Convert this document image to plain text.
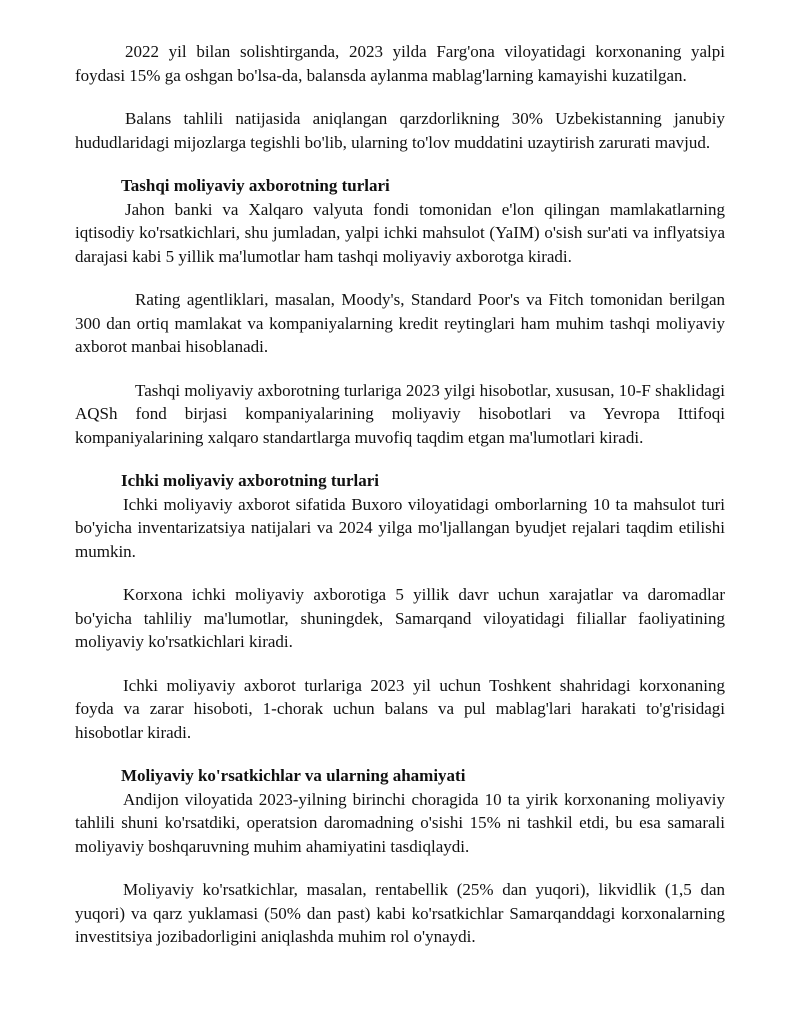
2022 yil bilan solishtirganda, 2023 yilda Farg'ona viloyatidagi korxonaning yalpi foydasi 15% ga oshgan bo'lsa-da, balansda aylanma mablag'larning kamayishi kuzatilgan.

Balans tahlili natijasida aniqlangan qarzdorlikning 30% Uzbekistanning janubiy hududlaridagi mijozlarga tegishli bo'lib, ularning to'lov muddatini uzaytirish zarurati mavjud.

Tashqi moliyaviy axborotning turlari

Jahon banki va Xalqaro valyuta fondi tomonidan e'lon qilingan mamlakatlarning iqtisodiy ko'rsatkichlari, shu jumladan, yalpi ichki mahsulot (YaIM) o'sish sur'ati va inflyatsiya darajasi kabi 5 yillik ma'lumotlar ham tashqi moliyaviy axborotga kiradi.

Rating agentliklari, masalan, Moody's, Standard Poor's va Fitch tomonidan berilgan 300 dan ortiq mamlakat va kompaniyalarning kredit reytinglari ham muhim tashqi moliyaviy axborot manbai hisoblanadi.

Tashqi moliyaviy axborotning turlariga 2023 yilgi hisobotlar, xususan, 10-F shaklidagi AQSh fond birjasi kompaniyalarining moliyaviy hisobotlari va Yevropa Ittifoqi kompaniyalarining xalqaro standartlarga muvofiq taqdim etgan ma'lumotlari kiradi.

Ichki moliyaviy axborotning turlari

Ichki moliyaviy axborot sifatida Buxoro viloyatidagi omborlarning 10 ta mahsulot turi bo'yicha inventarizatsiya natijalari va 2024 yilga mo'ljallangan byudjet rejalari taqdim etilishi mumkin.

Korxona ichki moliyaviy axborotiga 5 yillik davr uchun xarajatlar va daromadlar bo'yicha tahliliy ma'lumotlar, shuningdek, Samarqand viloyatidagi filiallar faoliyatining moliyaviy ko'rsatkichlari kiradi.

Ichki moliyaviy axborot turlariga 2023 yil uchun Toshkent shahridagi korxonaning foyda va zarar hisoboti, 1-chorak uchun balans va pul mablag'lari harakati to'g'risidagi hisobotlar kiradi.

Moliyaviy ko'rsatkichlar va ularning ahamiyati

Andijon viloyatida 2023-yilning birinchi choragida 10 ta yirik korxonaning moliyaviy tahlili shuni ko'rsatdiki, operatsion daromadning o'sishi 15% ni tashkil etdi, bu esa samarali moliyaviy boshqaruvning muhim ahamiyatini tasdiqlaydi.

Moliyaviy ko'rsatkichlar, masalan, rentabellik (25% dan yuqori), likvidlik (1,5 dan yuqori) va qarz yuklamasi (50% dan past) kabi ko'rsatkichlar Samarqanddagi korxonalarning investitsiya jozibadorligini aniqlashda muhim rol o'ynaydi.
